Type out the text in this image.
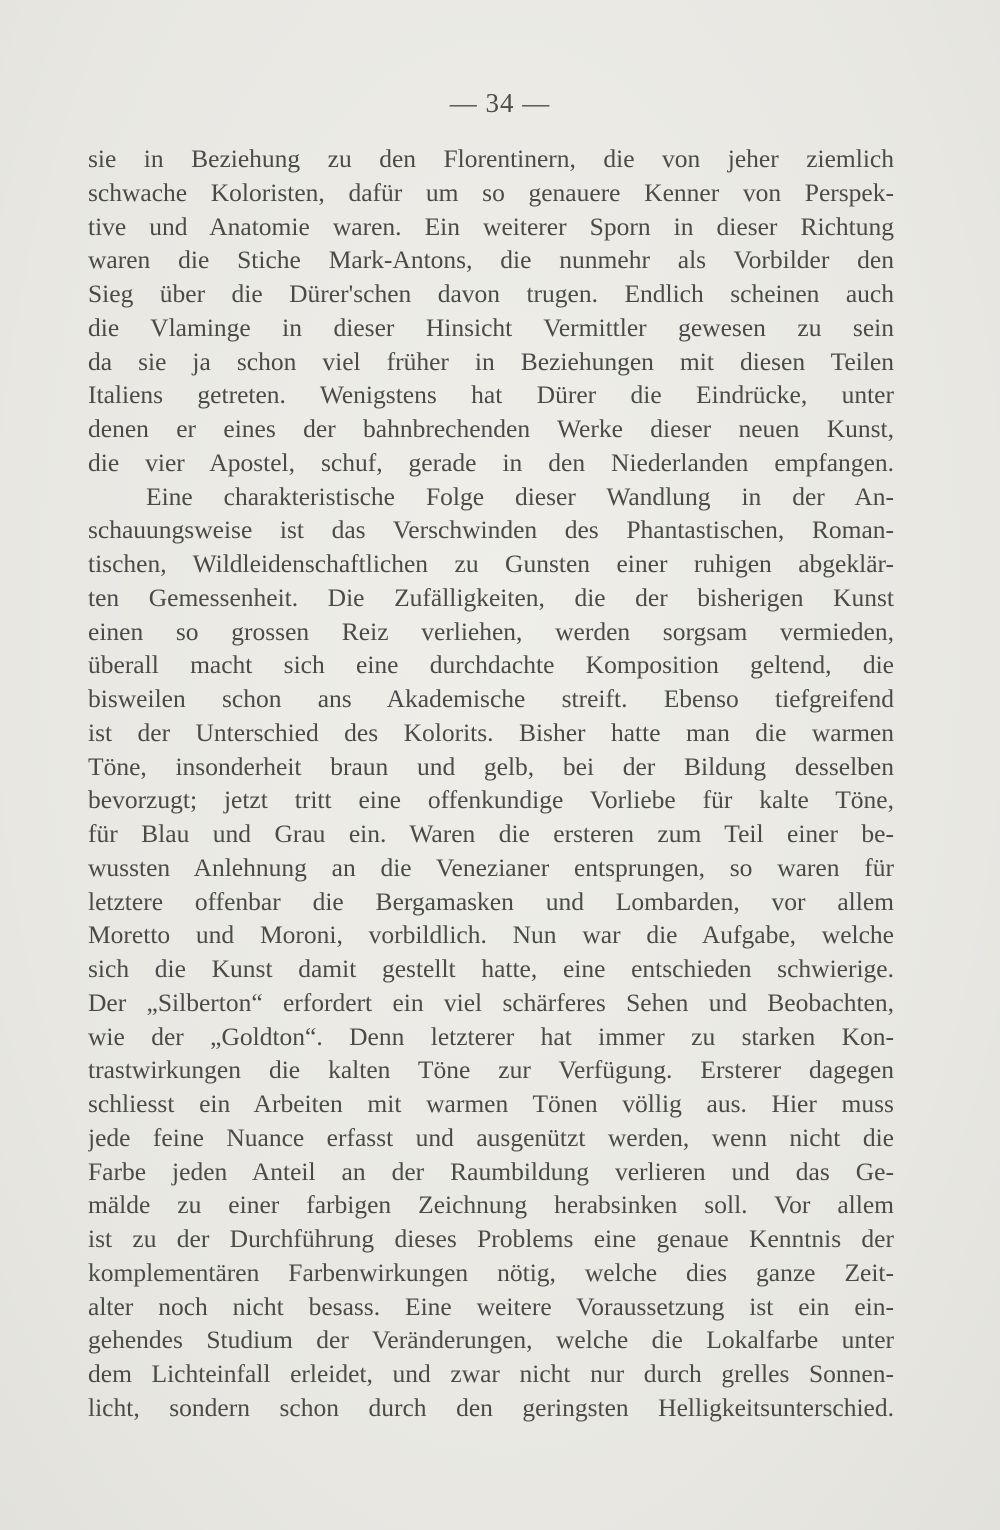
— 34 —
sie in Beziehung zu den Florentinern, die von jeher ziemlich
schwache Koloristen, dafür um so genauere Kenner von Perspek-
tive und Anatomie waren. Ein weiterer Sporn in dieser Richtung
waren die Stiche Mark-Antons, die nunmehr als Vorbilder den
Sieg über die Dürer'schen davon trugen. Endlich scheinen auch
die Vlaminge in dieser Hinsicht Vermittler gewesen zu sein
da sie ja schon viel früher in Beziehungen mit diesen Teilen
Italiens getreten. Wenigstens hat Dürer die Eindrücke, unter
denen er eines der bahnbrechenden Werke dieser neuen Kunst,
die vier Apostel, schuf, gerade in den Niederlanden empfangen.
Eine charakteristische Folge dieser Wandlung in der An-
schauungsweise ist das Verschwinden des Phantastischen, Roman-
tischen, Wildleidenschaftlichen zu Gunsten einer ruhigen abgeklär-
ten Gemessenheit. Die Zufälligkeiten, die der bisherigen Kunst
einen so grossen Reiz verliehen, werden sorgsam vermieden,
überall macht sich eine durchdachte Komposition geltend, die
bisweilen schon ans Akademische streift. Ebenso tiefgreifend
ist der Unterschied des Kolorits. Bisher hatte man die warmen
Töne, insonderheit braun und gelb, bei der Bildung desselben
bevorzugt; jetzt tritt eine offenkundige Vorliebe für kalte Töne,
für Blau und Grau ein. Waren die ersteren zum Teil einer be-
wussten Anlehnung an die Venezianer entsprungen, so waren für
letztere offenbar die Bergamasken und Lombarden, vor allem
Moretto und Moroni, vorbildlich. Nun war die Aufgabe, welche
sich die Kunst damit gestellt hatte, eine entschieden schwierige.
Der „Silberton“ erfordert ein viel schärferes Sehen und Beobachten,
wie der „Goldton“. Denn letzterer hat immer zu starken Kon-
trastwirkungen die kalten Töne zur Verfügung. Ersterer dagegen
schliesst ein Arbeiten mit warmen Tönen völlig aus. Hier muss
jede feine Nuance erfasst und ausgenützt werden, wenn nicht die
Farbe jeden Anteil an der Raumbildung verlieren und das Ge-
mälde zu einer farbigen Zeichnung herabsinken soll. Vor allem
ist zu der Durchführung dieses Problems eine genaue Kenntnis der
komplementären Farbenwirkungen nötig, welche dies ganze Zeit-
alter noch nicht besass. Eine weitere Voraussetzung ist ein ein-
gehendes Studium der Veränderungen, welche die Lokalfarbe unter
dem Lichteinfall erleidet, und zwar nicht nur durch grelles Sonnen-
licht, sondern schon durch den geringsten Helligkeitsunterschied.
